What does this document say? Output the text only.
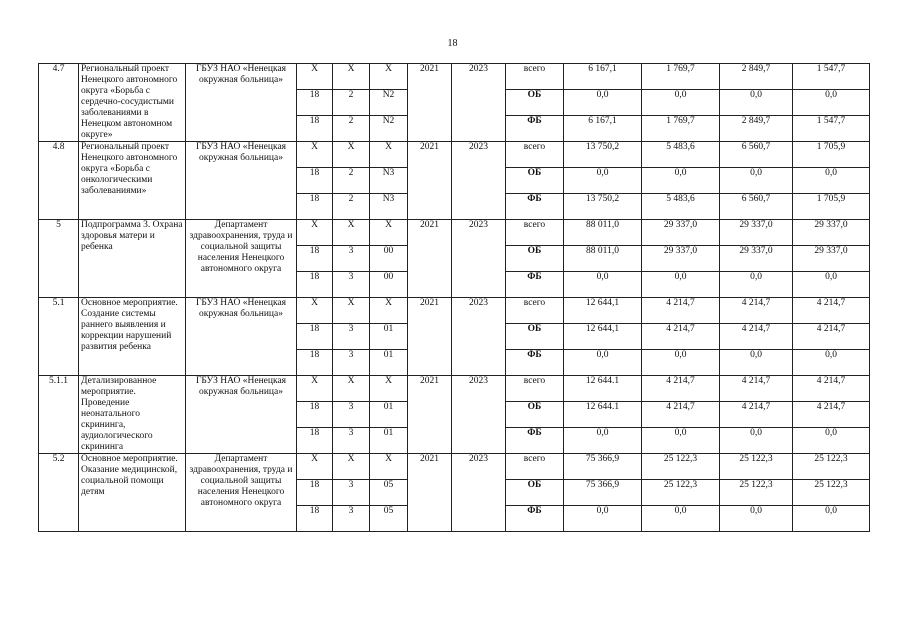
18
4.7	Региональный проект Ненецкого автономного округа «Борьба с сердечно-сосудистыми заболеваниями в Ненецком автономном округе»	ГБУЗ НАО «Ненецкая окружная больница»	Х	Х	Х	2021	2023	всего	6 167,1	1 769,7	2 849,7	1 547,7
			18	2	N2			ОБ	0,0	0,0	0,0	0,0
			18	2	N2			ФБ	6 167,1	1 769,7	2 849,7	1 547,7
4.8	Региональный проект Ненецкого автономного округа «Борьба с онкологическими заболеваниями»	ГБУЗ НАО «Ненецкая окружная больница»	Х	Х	Х	2021	2023	всего	13 750,2	5 483,6	6 560,7	1 705,9
			18	2	N3			ОБ	0,0	0,0	0,0	0,0
			18	2	N3			ФБ	13 750,2	5 483,6	6 560,7	1 705,9
5	Подпрограмма 3. Охрана здоровья матери и ребенка	Департамент здравоохранения, труда и социальной защиты населения Ненецкого автономного округа	Х	Х	Х	2021	2023	всего	88 011,0	29 337,0	29 337,0	29 337,0
			18	3	00			ОБ	88 011,0	29 337,0	29 337,0	29 337,0
			18	3	00			ФБ	0,0	0,0	0,0	0,0
5.1	Основное мероприятие. Создание системы раннего выявления и коррекции нарушений развития ребенка	ГБУЗ НАО «Ненецкая окружная больница»	Х	Х	Х	2021	2023	всего	12 644,1	4 214,7	4 214,7	4 214,7
			18	3	01			ОБ	12 644,1	4 214,7	4 214,7	4 214,7
			18	3	01			ФБ	0,0	0,0	0,0	0,0
5.1.1	Детализированное мероприятие. Проведение неонатального скрининга, аудиологического скрининга	ГБУЗ НАО «Ненецкая окружная больница»	Х	Х	Х	2021	2023	всего	12 644.1	4 214,7	4 214,7	4 214,7
			18	3	01			ОБ	12 644.1	4 214,7	4 214,7	4 214,7
			18	3	01			ФБ	0,0	0,0	0,0	0,0
5.2	Основное мероприятие. Оказание медицинской, социальной помощи детям	Департамент здравоохранения, труда и социальной защиты населения Ненецкого автономного округа	Х	Х	Х	2021	2023	всего	75 366,9	25 122,3	25 122,3	25 122,3
			18	3	05			ОБ	75 366,9	25 122,3	25 122,3	25 122,3
			18	3	05			ФБ	0,0	0,0	0,0	0,0
